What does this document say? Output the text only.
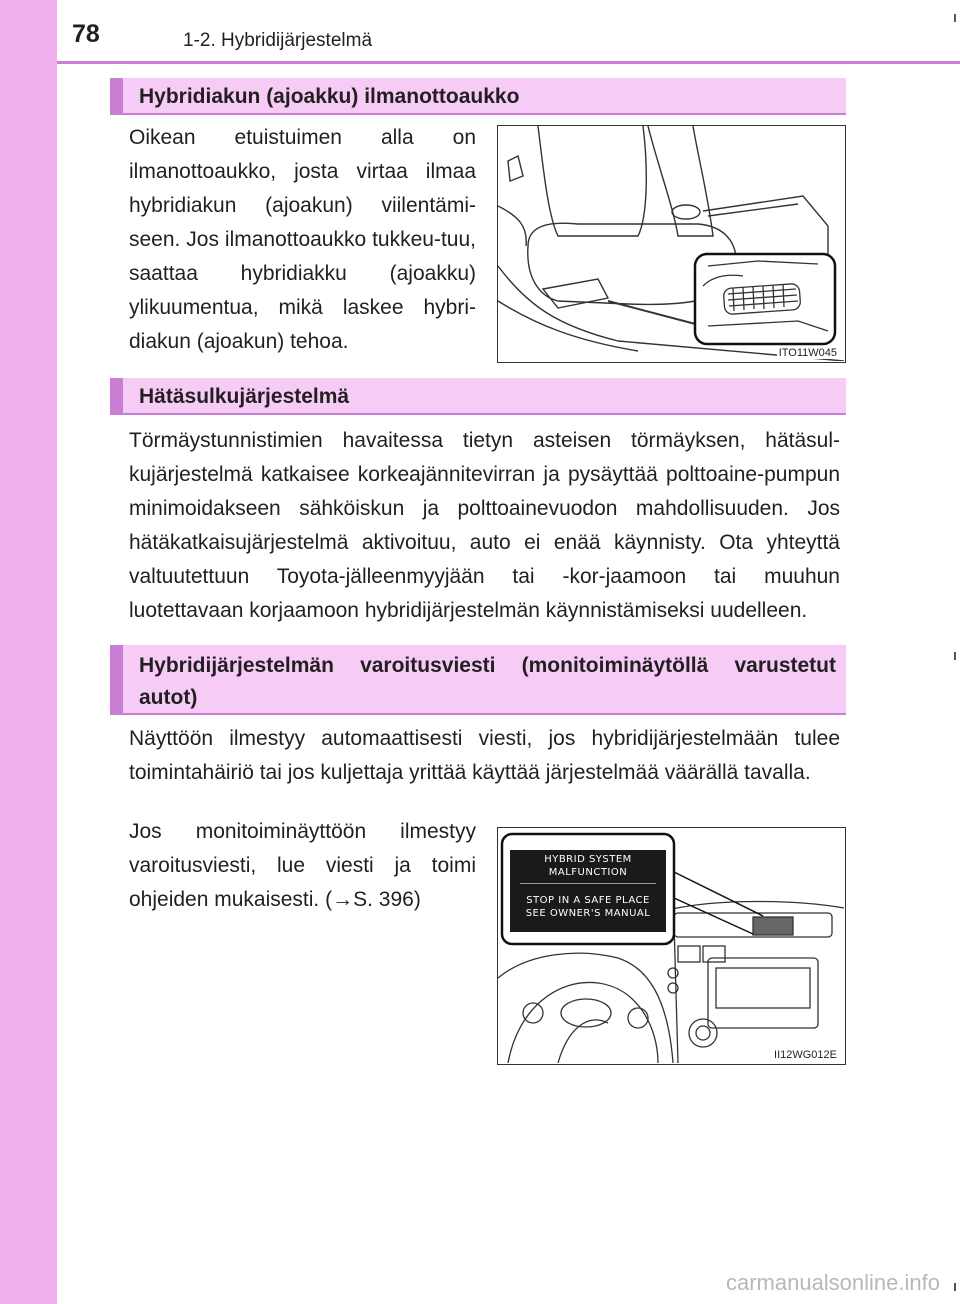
78	1-2. Hybridijärjestelmä
Hybridiakun (ajoakku) ilmanottoaukko

Oikean etuistuimen alla on ilmanottoaukko, josta virtaa ilmaa hybridiakun (ajoakun) viilentämi-seen. Jos ilmanottoaukko tukkeu-tuu, saattaa hybridiakku (ajoakku) ylikuumentua, mikä laskee hybri-diakun (ajoakun) tehoa.	ITO11W045
Hätäsulkujärjestelmä

Törmäystunnistimien havaitessa tietyn asteisen törmäyksen, hätäsul-kujärjestelmä katkaisee korkeajännitevirran ja pysäyttää polttoaine-pumpun minimoidakseen sähköiskun ja polttoainevuodon mahdollisuuden. Jos hätäkatkaisujärjestelmä aktivoituu, auto ei enää käynnisty. Ota yhteyttä valtuutettuun Toyota-jälleenmyyjään tai -kor-jaamoon tai muuhun luotettavaan korjaamoon hybridijärjestelmän käynnistämiseksi uudelleen.

Hybridijärjestelmän varoitusviesti (monitoiminäytöllä varustetut autot)

Näyttöön ilmestyy automaattisesti viesti, jos hybridijärjestelmään tulee toimintahäiriö tai jos kuljettaja yrittää käyttää järjestelmää väärällä tavalla.

Jos monitoiminäyttöön ilmestyy varoitusviesti, lue viesti ja toimi ohjeiden mukaisesti. (→S. 396)

HYBRID SYSTEM
MALFUNCTION
STOP IN A SAFE PLACE
SEE OWNER'S MANUAL
II12WG012E
carmanualsonline.info
